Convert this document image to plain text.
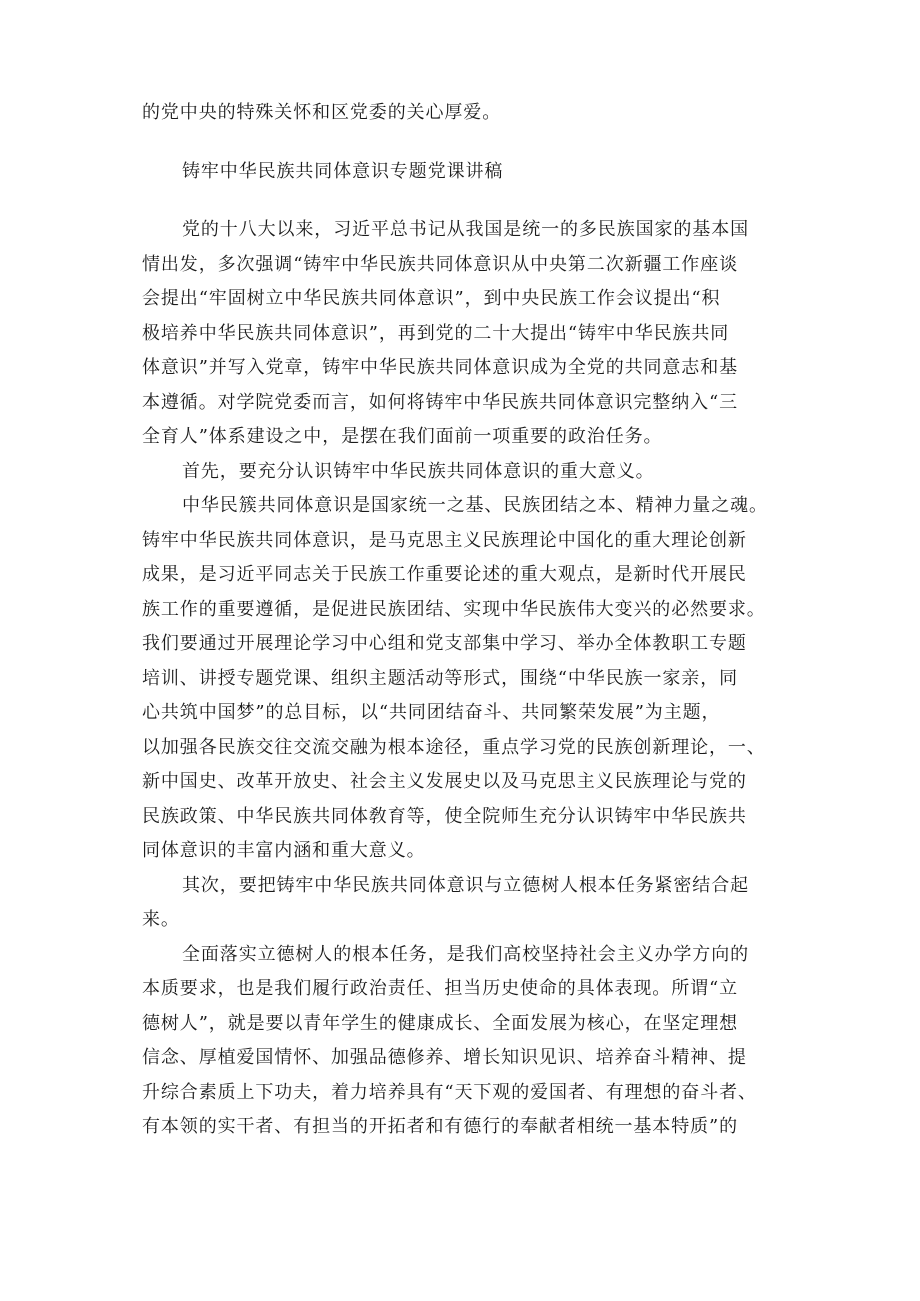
的党中央的特殊关怀和区党委的关心厚爱。
铸牢中华民族共同体意识专题党课讲稿
党的十八大以来，习近平总书记从我国是统一的多民族国家的基本国
情出发，多次强调“铸牢中华民族共同体意识从中央第二次新疆工作座谈
会提出“牢固树立中华民族共同体意识”，到中央民族工作会议提出“积
极培养中华民族共同体意识”，再到党的二十大提出“铸牢中华民族共同
体意识”并写入党章，铸牢中华民族共同体意识成为全党的共同意志和基
本遵循。对学院党委而言，如何将铸牢中华民族共同体意识完整纳入“三
全育人”体系建设之中，是摆在我们面前一项重要的政治任务。
首先，要充分认识铸牢中华民族共同体意识的重大意义。
中华民簇共同体意识是国家统一之基、民族团结之本、精神力量之魂。
铸牢中华民族共同体意识，是马克思主义民族理论中国化的重大理论创新
成果，是习近平同志关于民族工作重要论述的重大观点，是新时代开展民
族工作的重要遵循，是促进民族团结、实现中华民族伟大变兴的必然要求。
我们要通过开展理论学习中心组和党支部集中学习、举办全体教职工专题
培训、讲授专题党课、组织主题活动等形式，围绕“中华民族一家亲，同
心共筑中国梦”的总目标，以“共同团结奋斗、共同繁荣发展”为主题，
以加强各民族交往交流交融为根本途径，重点学习党的民族创新理论，一、
新中国史、改革开放史、社会主义发展史以及马克思主义民族理论与党的
民族政策、中华民族共同体敎育等，使全院师生充分认识铸牢中华民族共
同体意识的丰富内涵和重大意义。
其次，要把铸牢中华民族共同体意识与立德树人根本任务紧密结合起
来。
全面落实立德树人的根本任务，是我们高校坚持社会主义办学方向的
本质要求，也是我们履行政治责任、担当历史使命的具体表现。所谓“立
德树人”，就是要以青年学生的健康成长、全面发展为核心，在坚定理想
信念、厚植爱国情怀、加强品德修养、增长知识见识、培养奋斗精神、提
升综合素质上下功夫，着力培养具有“天下观的爱国者、有理想的奋斗者、
有本领的实干者、有担当的开拓者和有德行的奉献者相统一基本特质”的
